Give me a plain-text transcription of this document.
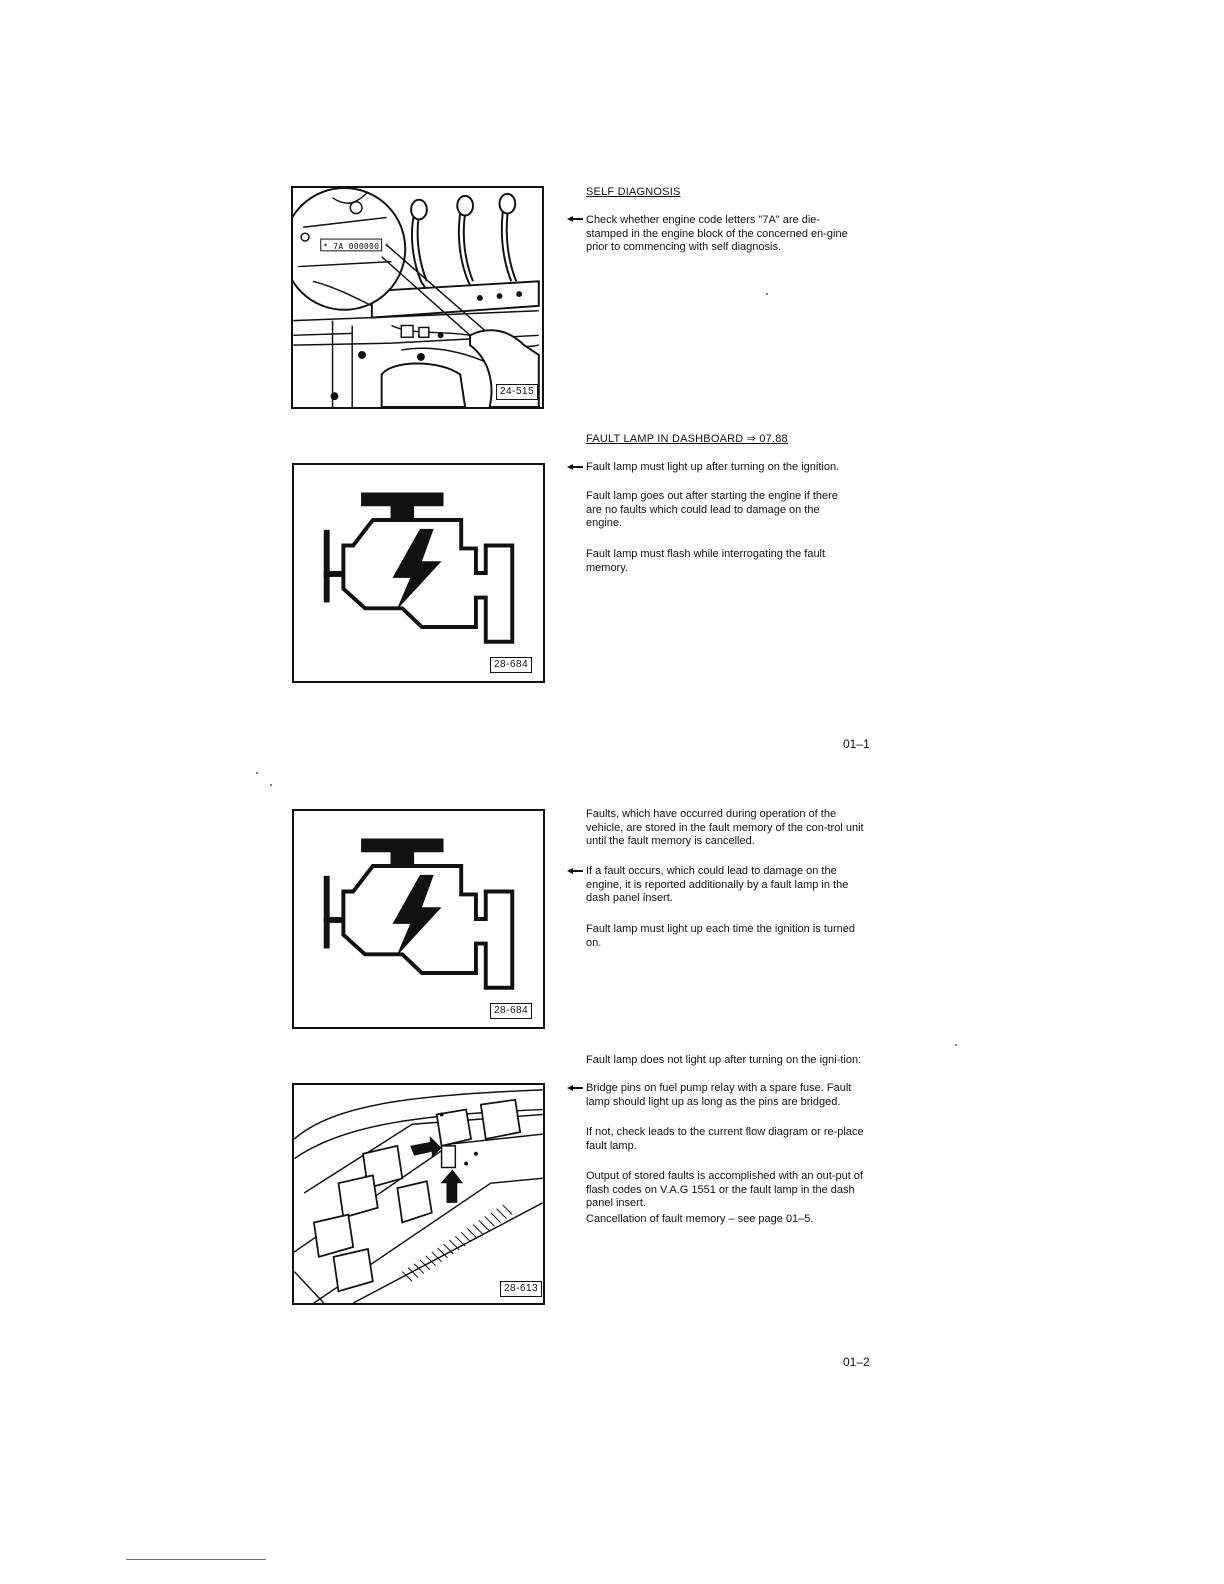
* 7A 000000 *
24-515
SELF DIAGNOSIS

Check whether engine code letters "7A" are die-stamped in the engine block of the concerned en-gine prior to commencing with self diagnosis.

FAULT LAMP IN DASHBOARD ⇒ 07.88
28-684

Fault lamp must light up after turning on the ignition.

Fault lamp goes out after starting the engine if there are no faults which could lead to damage on the engine.

Fault lamp must flash while interrogating the fault memory.

01–1
28-684

Faults, which have occurred during operation of the vehicle, are stored in the fault memory of the con-trol unit until the fault memory is cancelled.

If a fault occurs, which could lead to damage on the engine, it is reported additionally by a fault lamp in the dash panel insert.

Fault lamp must light up each time the ignition is turned on.

Fault lamp does not light up after turning on the igni-tion:

Bridge pins on fuel pump relay with a spare fuse. Fault lamp should light up as long as the pins are bridged.

If not, check leads to the current flow diagram or re-place fault lamp.

Output of stored faults is accomplished with an out-put of flash codes on V.A.G 1551 or the fault lamp in the dash panel insert.

Cancellation of fault memory – see page 01–5.

28-613
01–2
